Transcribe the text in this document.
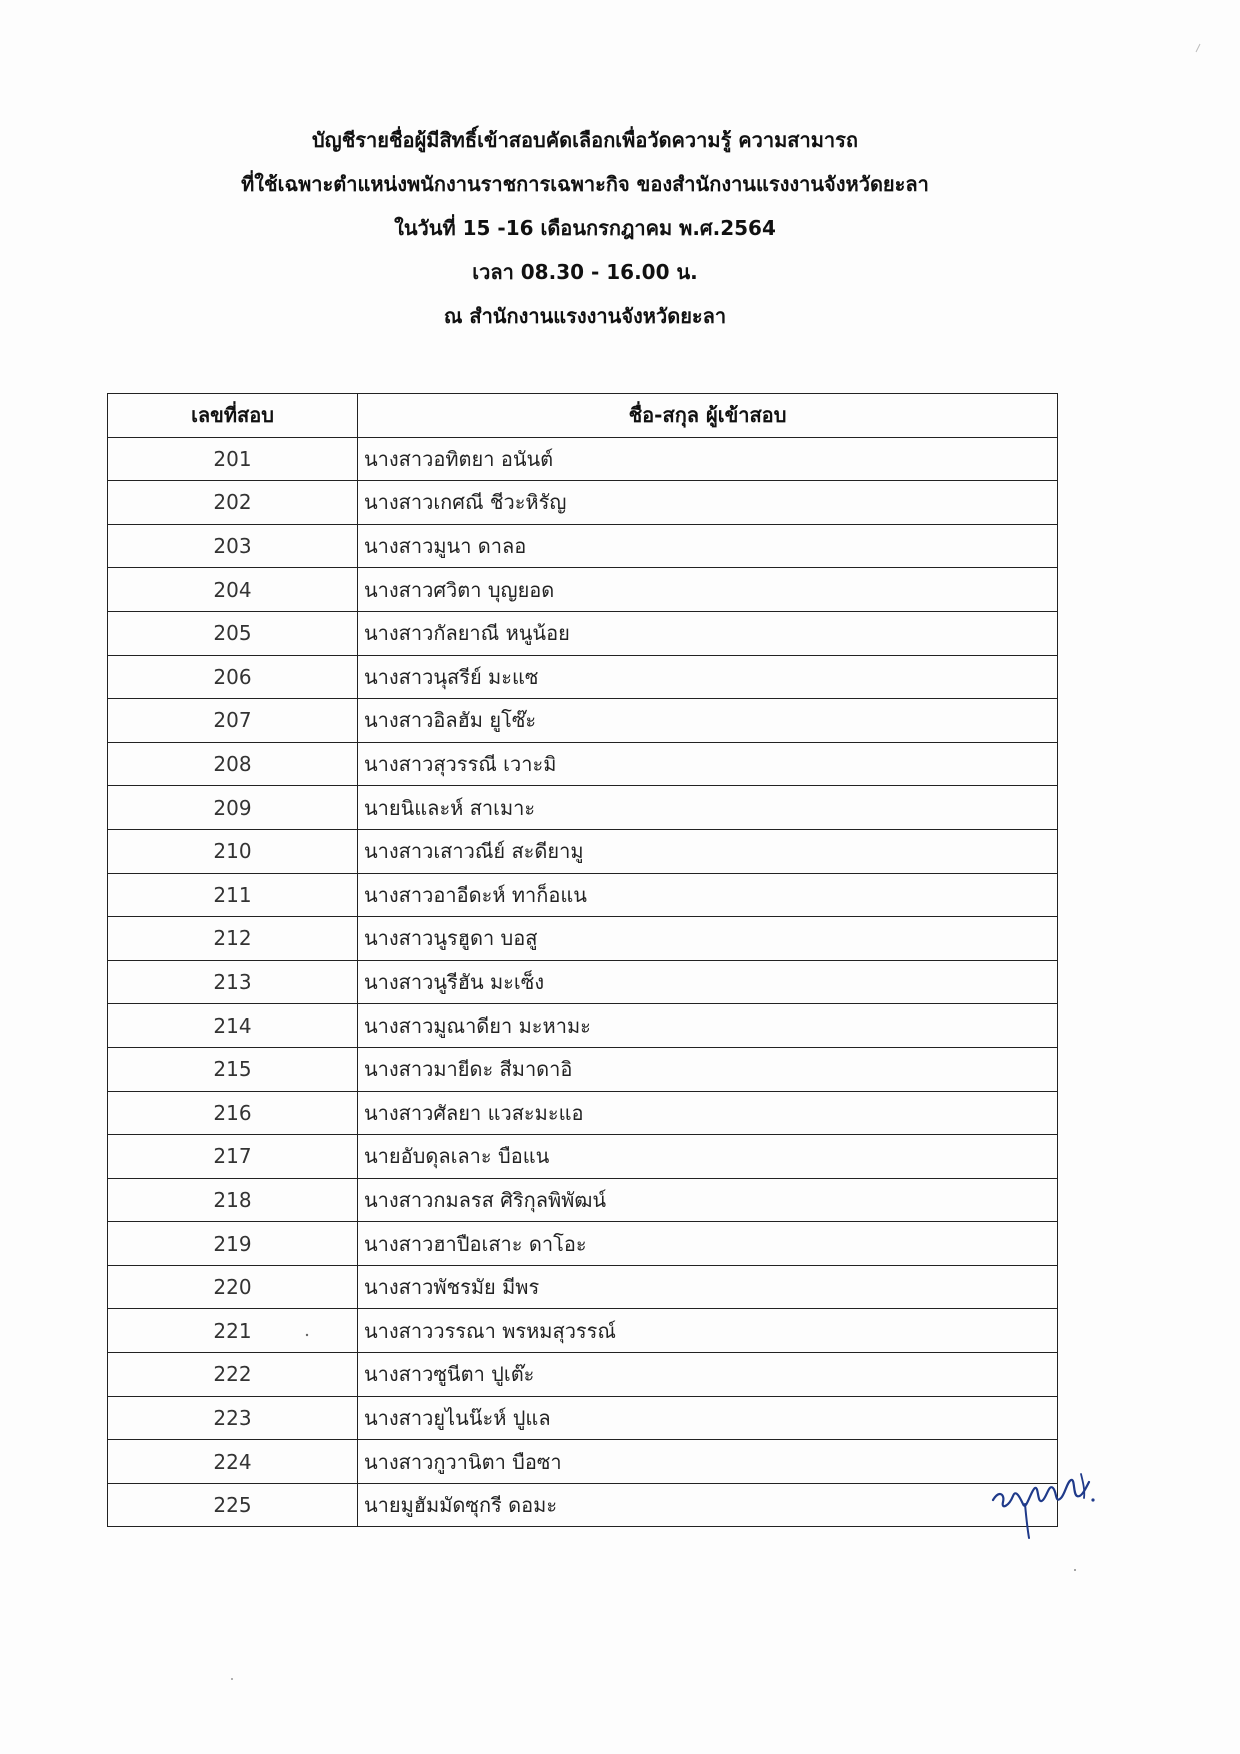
บัญชีรายชื่อผู้มีสิทธิ์เข้าสอบคัดเลือกเพื่อวัดความรู้ ความสามารถ
ที่ใช้เฉพาะตำแหน่งพนักงานราชการเฉพาะกิจ ของสำนักงานแรงงานจังหวัดยะลา
ในวันที่ 15 -16 เดือนกรกฎาคม พ.ศ.2564
เวลา 08.30 - 16.00 น.
ณ สำนักงานแรงงานจังหวัดยะลา
เลขที่สอบ	ชื่อ-สกุล ผู้เข้าสอบ
201	นางสาวอทิตยา อนันต์
202	นางสาวเกศณี ชีวะหิรัญ
203	นางสาวมูนา ดาลอ
204	นางสาวศวิตา บุญยอด
205	นางสาวกัลยาณี หนูน้อย
206	นางสาวนุสรีย์ มะแซ
207	นางสาวอิลฮัม ยูโซ๊ะ
208	นางสาวสุวรรณี เวาะมิ
209	นายนิและห์ สาเมาะ
210	นางสาวเสาวณีย์ สะดียามู
211	นางสาวอาอีดะห์ ทาก็อแน
212	นางสาวนูรฮูดา บอสู
213	นางสาวนูรีฮัน มะเซ็ง
214	นางสาวมูณาดียา มะหามะ
215	นางสาวมายีดะ สีมาดาอิ
216	นางสาวศัลยา แวสะมะแอ
217	นายอับดุลเลาะ บือแน
218	นางสาวกมลรส ศิริกุลพิพัฒน์
219	นางสาวฮาปือเสาะ ดาโอะ
220	นางสาวพัชรมัย มีพร
221	นางสาววรรณา พรหมสุวรรณ์
222	นางสาวซูนีตา ปูเต๊ะ
223	นางสาวยูไนน๊ะห์ ปูแล
224	นางสาวกูวานิตา บือซา
225	นายมูฮัมมัดซุกรี ดอมะ
